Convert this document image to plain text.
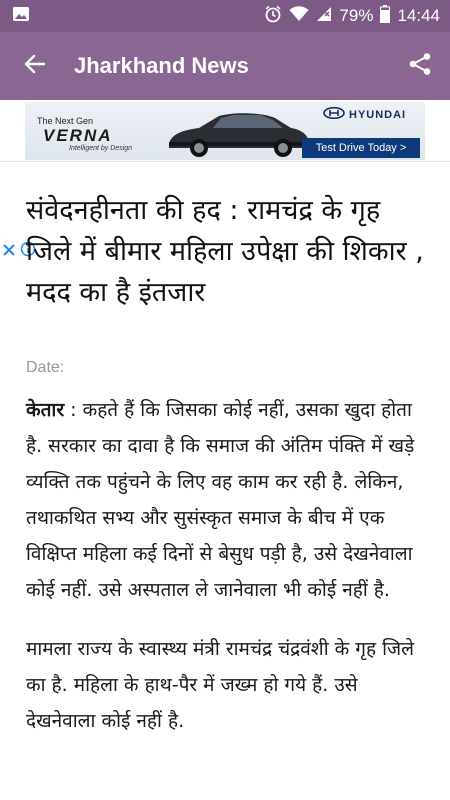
79% 14:44
Jharkhand News
The Next Gen
VERNA
Intelligent by Design
HYUNDAI
Test Drive Today >
संवेदनहीनता की हद : रामचंद्र के गृह जिले में बीमार महिला उपेक्षा की शिकार , मदद का है इंतजार
Date:

केतार : कहते हैं कि जिसका कोई नहीं, उसका खुदा होता है. सरकार का दावा है कि समाज की अंतिम पंक्ति में खड़े व्यक्ति तक पहुंचने के लिए वह काम कर रही है. लेकिन, तथाकथित सभ्य और सुसंस्कृत समाज के बीच में एक विक्षिप्त महिला कई दिनों से बेसुध पड़ी है, उसे देखनेवाला कोई नहीं. उसे अस्पताल ले जानेवाला भी कोई नहीं है.

मामला राज्य के स्वास्थ्य मंत्री रामचंद्र चंद्रवंशी के गृह जिले का है. महिला के हाथ-पैर में जख्म हो गये हैं. उसे देखनेवाला कोई नहीं है.
